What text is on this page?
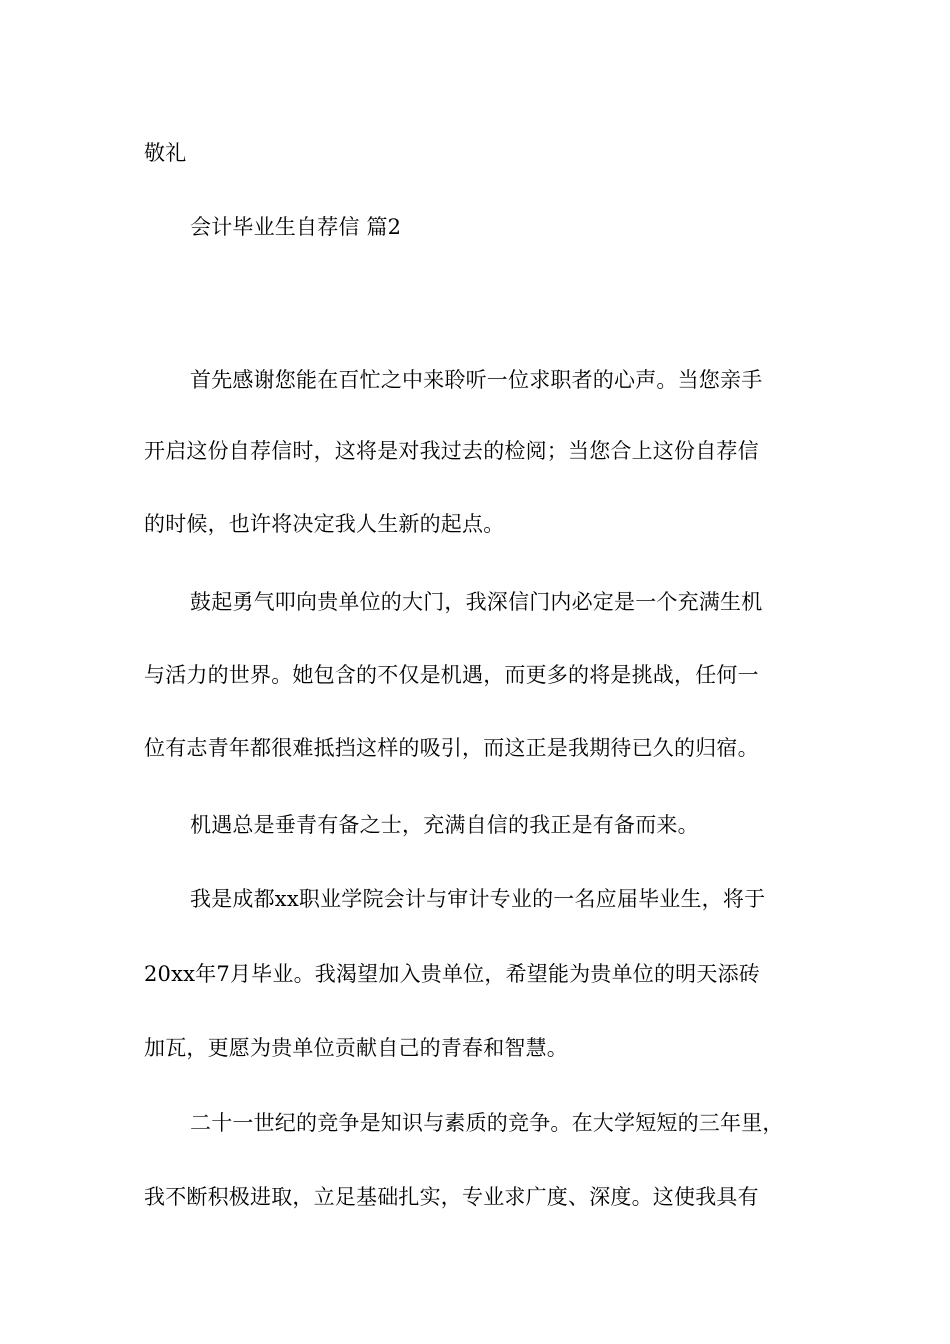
敬礼
会计毕业生自荐信 篇2
首先感谢您能在百忙之中来聆听一位求职者的心声。当您亲手
开启这份自荐信时，这将是对我过去的检阅；当您合上这份自荐信
的时候，也许将决定我人生新的起点。
鼓起勇气叩向贵单位的大门，我深信门内必定是一个充满生机
与活力的世界。她包含的不仅是机遇，而更多的将是挑战，任何一
位有志青年都很难抵挡这样的吸引，而这正是我期待已久的归宿。
机遇总是垂青有备之士，充满自信的我正是有备而来。
我是成都xx职业学院会计与审计专业的一名应届毕业生，将于
20xx年7月毕业。我渴望加入贵单位，希望能为贵单位的明天添砖
加瓦，更愿为贵单位贡献自己的青春和智慧。
二十一世纪的竞争是知识与素质的竞争。在大学短短的三年里，
我不断积极进取，立足基础扎实，专业求广度、深度。这使我具有
